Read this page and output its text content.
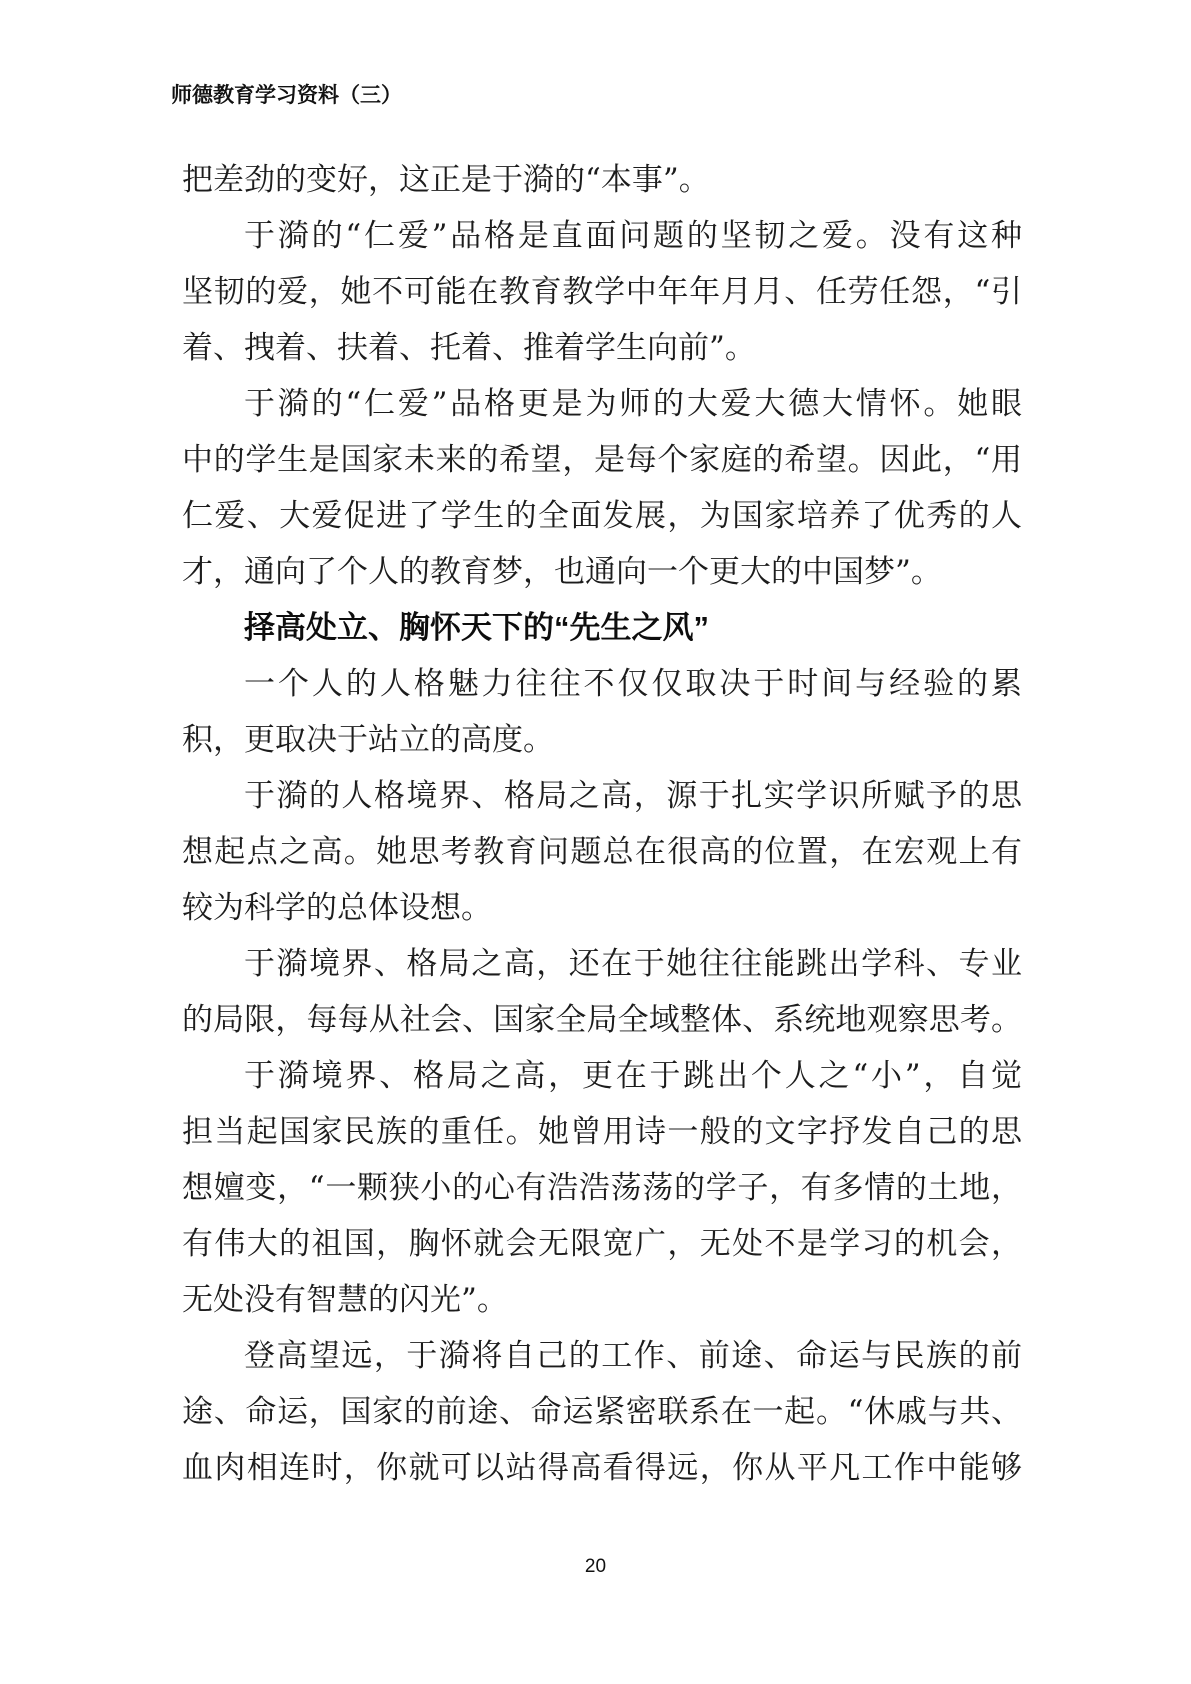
师德教育学习资料（三）
把差劲的变好，这正是于漪的“本事”。
于漪的“仁爱”品格是直面问题的坚韧之爱。没有这种
坚韧的爱，她不可能在教育教学中年年月月、任劳任怨，“引
着、拽着、扶着、托着、推着学生向前”。
于漪的“仁爱”品格更是为师的大爱大德大情怀。她眼
中的学生是国家未来的希望，是每个家庭的希望。因此，“用
仁爱、大爱促进了学生的全面发展，为国家培养了优秀的人
才，通向了个人的教育梦，也通向一个更大的中国梦”。
择高处立、胸怀天下的“先生之风”
一个人的人格魅力往往不仅仅取决于时间与经验的累
积，更取决于站立的高度。
于漪的人格境界、格局之高，源于扎实学识所赋予的思
想起点之高。她思考教育问题总在很高的位置，在宏观上有
较为科学的总体设想。
于漪境界、格局之高，还在于她往往能跳出学科、专业
的局限，每每从社会、国家全局全域整体、系统地观察思考。
于漪境界、格局之高，更在于跳出个人之“小”，自觉
担当起国家民族的重任。她曾用诗一般的文字抒发自己的思
想嬗变，“一颗狭小的心有浩浩荡荡的学子，有多情的土地，
有伟大的祖国，胸怀就会无限宽广，无处不是学习的机会，
无处没有智慧的闪光”。
登高望远，于漪将自己的工作、前途、命运与民族的前
途、命运，国家的前途、命运紧密联系在一起。“休戚与共、
血肉相连时，你就可以站得高看得远，你从平凡工作中能够
20
